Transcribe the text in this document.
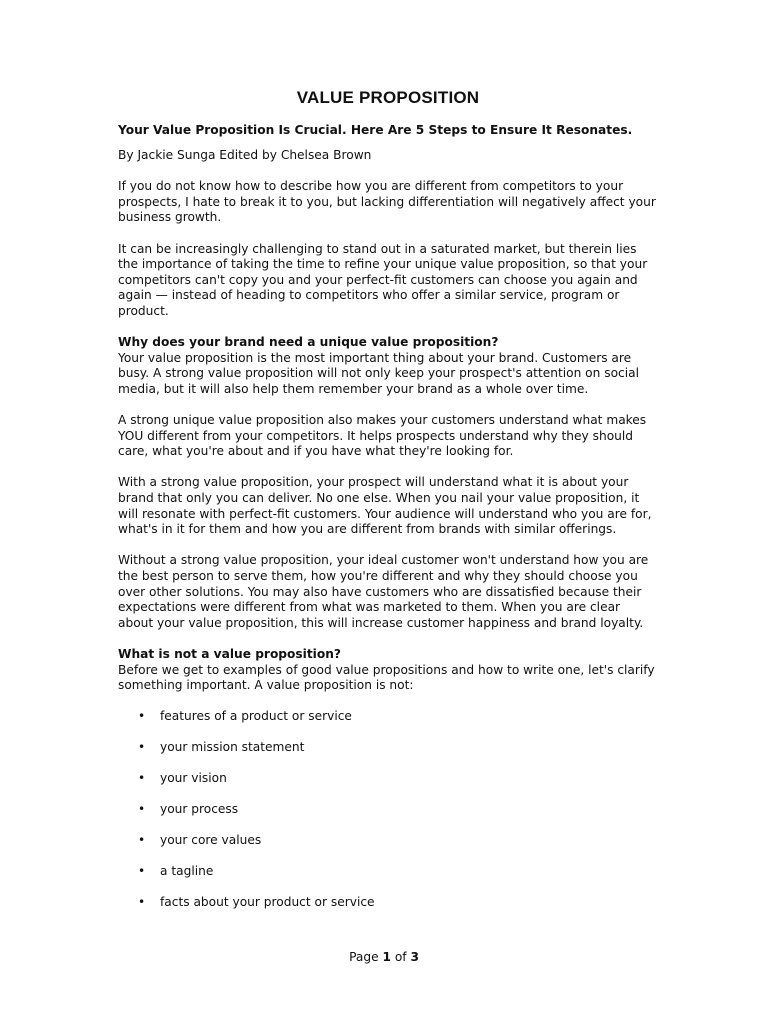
VALUE PROPOSITION
Your Value Proposition Is Crucial. Here Are 5 Steps to Ensure It Resonates.
By Jackie Sunga Edited by Chelsea Brown

If you do not know how to describe how you are different from competitors to your prospects, I hate to break it to you, but lacking differentiation will negatively affect your business growth.

It can be increasingly challenging to stand out in a saturated market, but therein lies the importance of taking the time to refine your unique value proposition, so that your competitors can't copy you and your perfect-fit customers can choose you again and again — instead of heading to competitors who offer a similar service, program or product.

Why does your brand need a unique value proposition?

Your value proposition is the most important thing about your brand. Customers are busy. A strong value proposition will not only keep your prospect's attention on social media, but it will also help them remember your brand as a whole over time.

A strong unique value proposition also makes your customers understand what makes YOU different from your competitors. It helps prospects understand why they should care, what you're about and if you have what they're looking for.

With a strong value proposition, your prospect will understand what it is about your brand that only you can deliver. No one else. When you nail your value proposition, it will resonate with perfect-fit customers. Your audience will understand who you are for, what's in it for them and how you are different from brands with similar offerings.

Without a strong value proposition, your ideal customer won't understand how you are the best person to serve them, how you're different and why they should choose you over other solutions. You may also have customers who are dissatisfied because their expectations were different from what was marketed to them. When you are clear about your value proposition, this will increase customer happiness and brand loyalty.

What is not a value proposition?
Before we get to examples of good value propositions and how to write one, let's clarify something important. A value proposition is not:
• features of a product or service
• your mission statement
• your vision
• your process
• your core values
• a tagline
• facts about your product or service
Page 1 of 3
